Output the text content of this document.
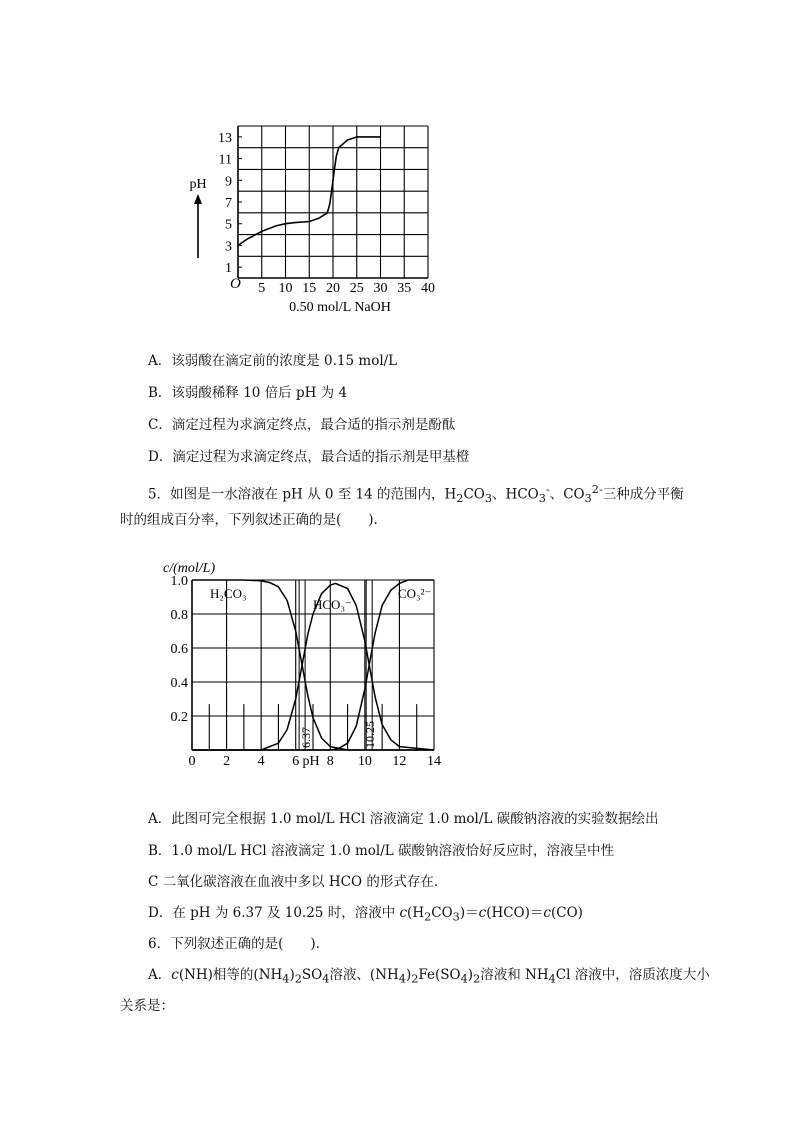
1
3
5
7
9
11
13
5 10 15 20 25 30 35 40
O
pH
0.50 mol/L NaOH
A．该弱酸在滴定前的浓度是 0.15 mol/L
B．该弱酸稀释 10 倍后 pH 为 4
C．滴定过程为求滴定终点，最合适的指示剂是酚酞
D．滴定过程为求滴定终点，最合适的指示剂是甲基橙
5．如图是一水溶液在 pH 从 0 至 14 的范围内，$H_2CO_3$、$HCO_3^-$、$CO_3^{2-}$三种成分平衡
时的组成百分率，下列叙述正确的是(　　).
0.2
0.4
0.6
0.8
1.0
0 2 4 6	10 12 14
8
c/(mol/L)
pH
H₂CO₃
HCO₃⁻
CO₃²⁻
6.37	10.25
A．此图可完全根据 1.0 mol/L HCl 溶液滴定 1.0 mol/L 碳酸钠溶液的实验数据绘出
B．1.0 mol/L HCl 溶液滴定 1.0 mol/L 碳酸钠溶液恰好反应时，溶液呈中性
C 二氧化碳溶液在血液中多以 HCO 的形式存在．
D．在 pH 为 6.37 及 10.25 时，溶液中 $c(H_2CO_3)=c(HCO)=c(CO)$
6．下列叙述正确的是(　　).
A．c(NH)相等的$(NH_4)_2SO_4$溶液、$(NH_4)_2Fe(SO_4)_2$溶液和 $NH_4Cl$ 溶液中，溶质浓度大小
关系是：
